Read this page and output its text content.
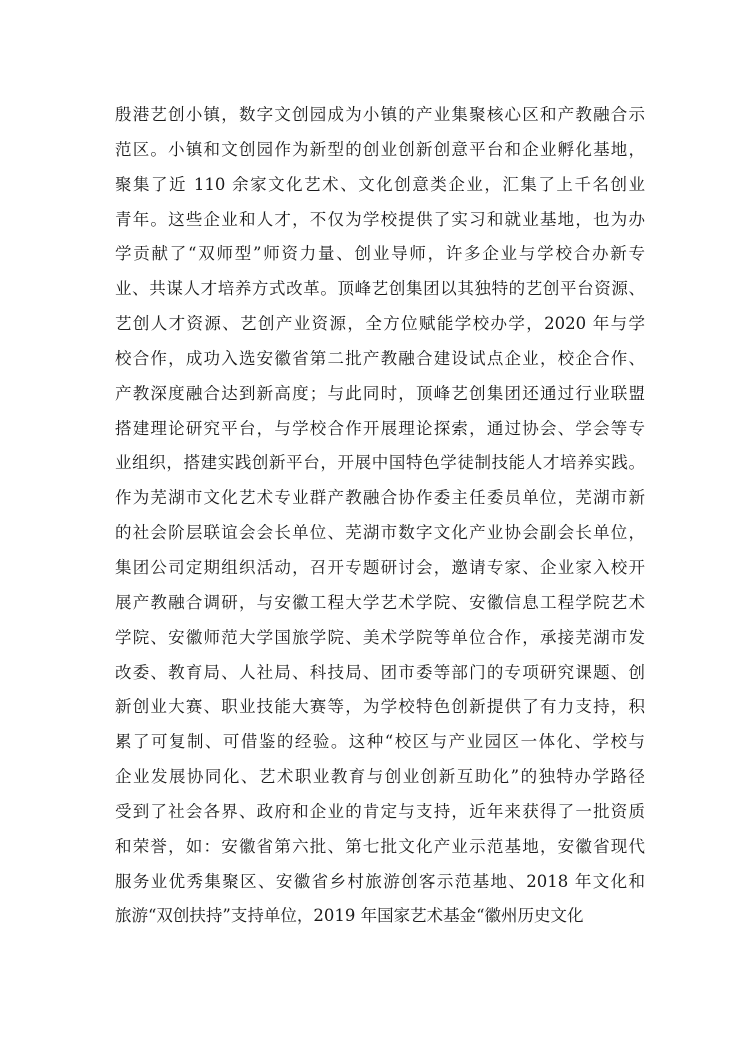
殷港艺创小镇，数字文创园成为小镇的产业集聚核心区和产教融合示
范区。小镇和文创园作为新型的创业创新创意平台和企业孵化基地，
聚集了近 110 余家文化艺术、文化创意类企业，汇集了上千名创业
青年。这些企业和人才，不仅为学校提供了实习和就业基地，也为办
学贡献了“双师型”师资力量、创业导师，许多企业与学校合办新专
业、共谋人才培养方式改革。顶峰艺创集团以其独特的艺创平台资源、
艺创人才资源、艺创产业资源，全方位赋能学校办学，2020 年与学
校合作，成功入选安徽省第二批产教融合建设试点企业，校企合作、
产教深度融合达到新高度；与此同时，顶峰艺创集团还通过行业联盟
搭建理论研究平台，与学校合作开展理论探索，通过协会、学会等专
业组织，搭建实践创新平台，开展中国特色学徒制技能人才培养实践。
作为芜湖市文化艺术专业群产教融合协作委主任委员单位，芜湖市新
的社会阶层联谊会会长单位、芜湖市数字文化产业协会副会长单位，
集团公司定期组织活动，召开专题研讨会，邀请专家、企业家入校开
展产教融合调研，与安徽工程大学艺术学院、安徽信息工程学院艺术
学院、安徽师范大学国旅学院、美术学院等单位合作，承接芜湖市发
改委、教育局、人社局、科技局、团市委等部门的专项研究课题、创
新创业大赛、职业技能大赛等，为学校特色创新提供了有力支持，积
累了可复制、可借鉴的经验。这种“校区与产业园区一体化、学校与
企业发展协同化、艺术职业教育与创业创新互助化”的独特办学路径
受到了社会各界、政府和企业的肯定与支持，近年来获得了一批资质
和荣誉，如：安徽省第六批、第七批文化产业示范基地，安徽省现代
服务业优秀集聚区、安徽省乡村旅游创客示范基地、2018 年文化和
旅游“双创扶持”支持单位，2019 年国家艺术基金“徽州历史文化
